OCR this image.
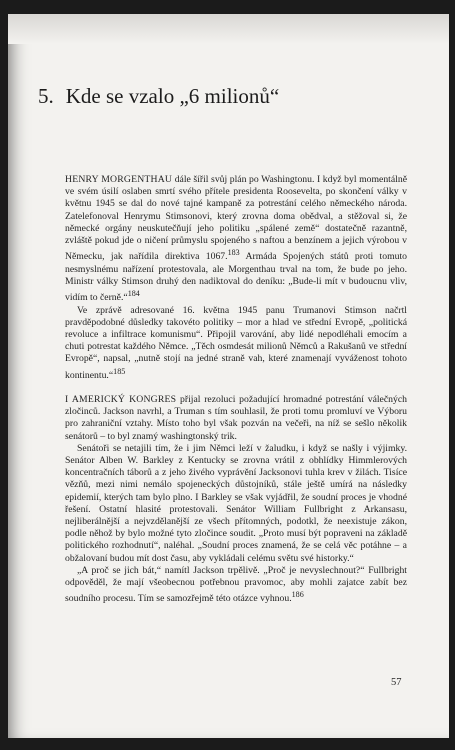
5. Kde se vzalo „6 milionů“

HENRY MORGENTHAU dále šířil svůj plán po Washingtonu. I když byl momentálně ve svém úsilí oslaben smrtí svého přítele presidenta Roosevelta, po skončení války v květnu 1945 se dal do nové tajné kampaně za potrestání celého německého národa. Zatelefonoval Henrymu Stimsonovi, který zrovna doma obědval, a stěžoval si, že německé orgány neuskutečňují jeho politiku „spálené země“ dostatečně razantně, zvláště pokud jde o ničení průmyslu spojeného s naftou a benzínem a jejich výrobou v Německu, jak nařídila direktiva 1067.$^{183}$ Armáda Spojených států proti tomuto nesmyslnému nařízení protestovala, ale Morgenthau trval na tom, že bude po jeho. Ministr války Stimson druhý den nadiktoval do deníku: „Bude-li mít v budoucnu vliv, vidím to černě.“$^{184}$

Ve zprávě adresované 16. května 1945 panu Trumanovi Stimson načrtl pravděpodobné důsledky takovéto politiky – mor a hlad ve střední Evropě, „politická revoluce a infiltrace komunismu“. Připojil varování, aby lidé nepodléhali emocím a chuti potrestat každého Němce. „Těch osmdesát milionů Němců a Rakušanů ve střední Evropě“, napsal, „nutně stojí na jedné straně vah, které znamenají vyváženost tohoto kontinentu.“$^{185}$

I AMERICKÝ KONGRES přijal rezoluci požadující hromadné potrestání válečných zločinců. Jackson navrhl, a Truman s tím souhlasil, že proti tomu promluví ve Výboru pro zahraniční vztahy. Místo toho byl však pozván na večeři, na níž se sešlo několik senátorů – to byl znamý washingtonský trik.

Senátoři se netajili tím, že i jim Němci leží v žaludku, i když se našly i výjimky. Senátor Alben W. Barkley z Kentucky se zrovna vrátil z obhlídky Himmlerových koncentračních táborů a z jeho živého vyprávění Jacksonovi tuhla krev v žilách. Tisíce vězňů, mezi nimi nemálo spojeneckých důstojníků, stále ještě umírá na následky epidemií, kterých tam bylo plno. I Barkley se však vyjádřil, že soudní proces je vhodné řešení. Ostatní hlasité protestovali. Senátor William Fullbright z Arkansasu, nejliberálnější a nejvzdělanější ze všech přítomných, podotkl, že neexistuje zákon, podle něhož by bylo možné tyto zločince soudit. „Proto musí být popraveni na základě politického rozhodnutí“, naléhal. „Soudní proces znamená, že se celá věc potáhne – a obžalovaní budou mít dost času, aby vykládali celému světu své historky.“

„A proč se jich bát,“ namítl Jackson trpělivě. „Proč je nevyslechnout?“ Fullbright odpověděl, že mají všeobecnou potřebnou pravomoc, aby mohli zajatce zabít bez soudního procesu. Tím se samozřejmě této otázce vyhnou.$^{186}$

57
